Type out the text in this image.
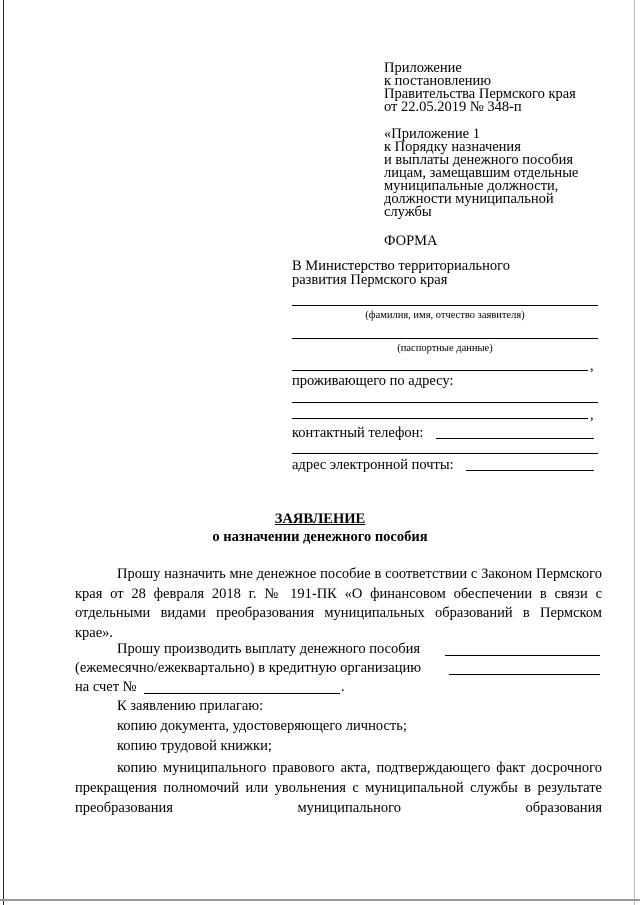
Приложение
к постановлению
Правительства Пермского края
от 22.05.2019 № 348-п
«Приложение 1
к Порядку назначения
и выплаты денежного пособия
лицам, замещавшим отдельные
муниципальные должности,
должности муниципальной
службы
ФОРМА
В Министерство территориального
развития Пермского края
(фамилия, имя, отчество заявителя)
(паспортные данные)
,
проживающего по адресу:
,
контактный телефон:
адрес электронной почты:
ЗАЯВЛЕНИЕ
о назначении денежного пособия

Прошу назначить мне денежное пособие в соответствии с Законом Пермского края от 28 февраля 2018 г. № 191-ПК «О финансовом обеспечении в связи с отдельными видами преобразования муниципальных образований в Пермском крае».

Прошу производить выплату денежного пособия
(ежемесячно/ежеквартально) в кредитную организацию
на счет №	.
К заявлению прилагаю:
копию документа, удостоверяющего личность;
копию трудовой книжки;

копию муниципального правового акта, подтверждающего факт досрочного прекращения полномочий или увольнения с муниципальной службы в результате преобразования муниципального образования
